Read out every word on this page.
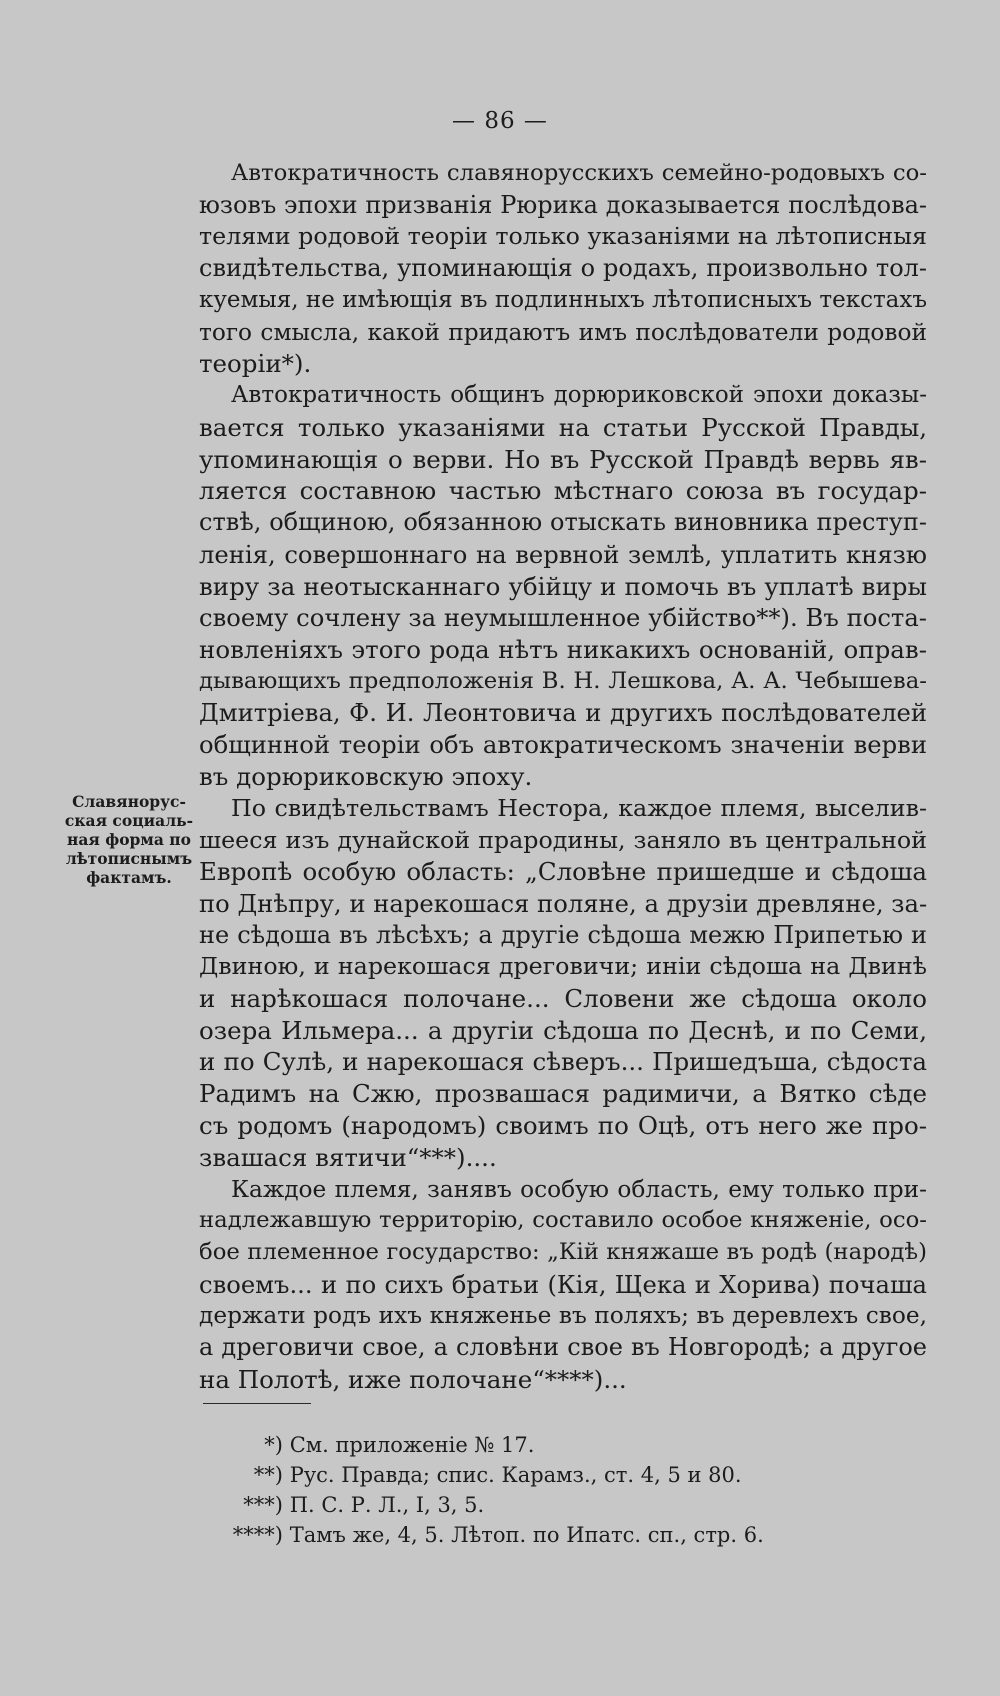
— 86 —
Славянорус-
ская социаль-
ная форма по
лѣтописнымъ
фактамъ.
Автократичность славянорусскихъ семейно-родовыхъ со-
юзовъ эпохи призванія Рюрика доказывается послѣдова-
телями родовой теоріи только указаніями на лѣтописныя
свидѣтельства, упоминающія о родахъ, произвольно тол-
куемыя, не имѣющія въ подлинныхъ лѣтописныхъ текстахъ
того смысла, какой придаютъ имъ послѣдователи родовой
теоріи*).
Автократичность общинъ дорюриковской эпохи доказы-
вается только указаніями на статьи Русской Правды,
упоминающія о верви. Но въ Русской Правдѣ вервь яв-
ляется составною частью мѣстнаго союза въ государ-
ствѣ, общиною, обязанною отыскать виновника преступ-
ленія, совершоннаго на вервной землѣ, уплатить князю
виру за неотысканнаго убійцу и помочь въ уплатѣ виры
своему сочлену за неумышленное убійство**). Въ поста-
новленіяхъ этого рода нѣтъ никакихъ основаній, оправ-
дывающихъ предположенія В. Н. Лешкова, А. А. Чебышева-
Дмитріева, Ф. И. Леонтовича и другихъ послѣдователей
общинной теоріи объ автократическомъ значеніи верви
въ дорюриковскую эпоху.
По свидѣтельствамъ Нестора, каждое племя, выселив-
шееся изъ дунайской прародины, заняло въ центральной
Европѣ особую область: „Словѣне пришедше и сѣдоша
по Днѣпру, и нарекошася поляне, а друзіи древляне, за-
не сѣдоша въ лѣсѣхъ; а другіе сѣдоша межю Припетью и
Двиною, и нарекошася дреговичи; иніи сѣдоша на Двинѣ
и нарѣкошася полочане... Словени же сѣдоша около
озера Ильмера... а другіи сѣдоша по Деснѣ, и по Семи,
и по Сулѣ, и нарекошася сѣверъ... Пришедъша, сѣдоста
Радимъ на Сжю, прозвашася радимичи, а Вятко сѣде
съ родомъ (народомъ) своимъ по Оцѣ, отъ него же про-
звашася вятичи“***)....
Каждое племя, занявъ особую область, ему только при-
надлежавшую территорію, составило особое княженіе, осо-
бое племенное государство: „Кій княжаше въ родѣ (народѣ)
своемъ... и по сихъ братьи (Кія, Щека и Хорива) почаша
держати родъ ихъ княженье въ поляхъ; въ деревлехъ свое,
а дреговичи свое, а словѣни свое въ Новгородѣ; а другое
на Полотѣ, иже полочане“****)...
*) См. приложеніе № 17.
**) Рус. Правда; спис. Карамз., ст. 4, 5 и 80.
***) П. С. Р. Л., I, 3, 5.
****) Тамъ же, 4, 5. Лѣтоп. по Ипатс. сп., стр. 6.
